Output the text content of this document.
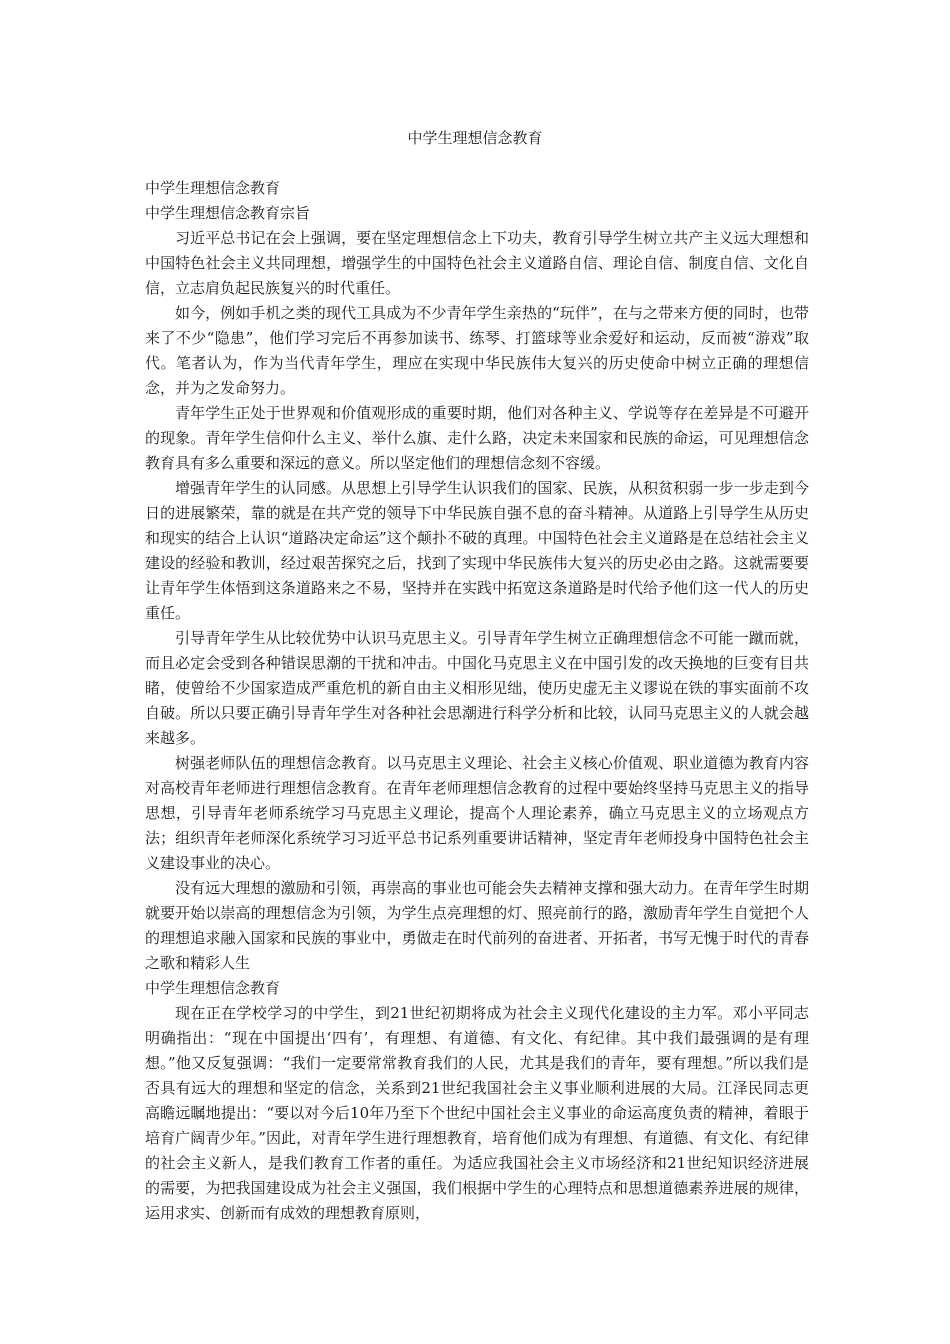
中学生理想信念教育

中学生理想信念教育

中学生理想信念教育宗旨

习近平总书记在会上强调，要在坚定理想信念上下功夫，教育引导学生树立共产主义远大理想和中国特色社会主义共同理想，增强学生的中国特色社会主义道路自信、理论自信、制度自信、文化自信，立志肩负起民族复兴的时代重任。

如今，例如手机之类的现代工具成为不少青年学生亲热的“玩伴”，在与之带来方便的同时，也带来了不少“隐患”，他们学习完后不再参加读书、练琴、打篮球等业余爱好和运动，反而被“游戏”取代。笔者认为，作为当代青年学生，理应在实现中华民族伟大复兴的历史使命中树立正确的理想信念，并为之发命努力。

青年学生正处于世界观和价值观形成的重要时期，他们对各种主义、学说等存在差异是不可避开的现象。青年学生信仰什么主义、举什么旗、走什么路，决定未来国家和民族的命运，可见理想信念教育具有多么重要和深远的意义。所以坚定他们的理想信念刻不容缓。

增强青年学生的认同感。从思想上引导学生认识我们的国家、民族，从积贫积弱一步一步走到今日的进展繁荣，靠的就是在共产党的领导下中华民族自强不息的奋斗精神。从道路上引导学生从历史和现实的结合上认识“道路决定命运”这个颠扑不破的真理。中国特色社会主义道路是在总结社会主义建设的经验和教训，经过艰苦探究之后，找到了实现中华民族伟大复兴的历史必由之路。这就需要要让青年学生体悟到这条道路来之不易，坚持并在实践中拓宽这条道路是时代给予他们这一代人的历史重任。

引导青年学生从比较优势中认识马克思主义。引导青年学生树立正确理想信念不可能一蹴而就，而且必定会受到各种错误思潮的干扰和冲击。中国化马克思主义在中国引发的改天换地的巨变有目共睹，使曾给不少国家造成严重危机的新自由主义相形见绌，使历史虚无主义谬说在铁的事实面前不攻自破。所以只要正确引导青年学生对各种社会思潮进行科学分析和比较，认同马克思主义的人就会越来越多。

树强老师队伍的理想信念教育。以马克思主义理论、社会主义核心价值观、职业道德为教育内容对高校青年老师进行理想信念教育。在青年老师理想信念教育的过程中要始终坚持马克思主义的指导思想，引导青年老师系统学习马克思主义理论，提高个人理论素养，确立马克思主义的立场观点方法；组织青年老师深化系统学习习近平总书记系列重要讲话精神，坚定青年老师投身中国特色社会主义建设事业的决心。

没有远大理想的激励和引领，再崇高的事业也可能会失去精神支撑和强大动力。在青年学生时期就要开始以崇高的理想信念为引领，为学生点亮理想的灯、照亮前行的路，激励青年学生自觉把个人的理想追求融入国家和民族的事业中，勇做走在时代前列的奋进者、开拓者，书写无愧于时代的青春之歌和精彩人生

中学生理想信念教育

现在正在学校学习的中学生，到21世纪初期将成为社会主义现代化建设的主力军。邓小平同志明确指出：“现在中国提出‘四有’，有理想、有道德、有文化、有纪律。其中我们最强调的是有理想。”他又反复强调：“我们一定要常常教育我们的人民，尤其是我们的青年，要有理想。”所以我们是否具有远大的理想和坚定的信念，关系到21世纪我国社会主义事业顺利进展的大局。江泽民同志更高瞻远瞩地提出：“要以对今后10年乃至下个世纪中国社会主义事业的命运高度负责的精神，着眼于培育广阔青少年。”因此，对青年学生进行理想教育，培育他们成为有理想、有道德、有文化、有纪律的社会主义新人，是我们教育工作者的重任。为适应我国社会主义市场经济和21世纪知识经济进展的需要，为把我国建设成为社会主义强国，我们根据中学生的心理特点和思想道德素养进展的规律，运用求实、创新而有成效的理想教育原则，
